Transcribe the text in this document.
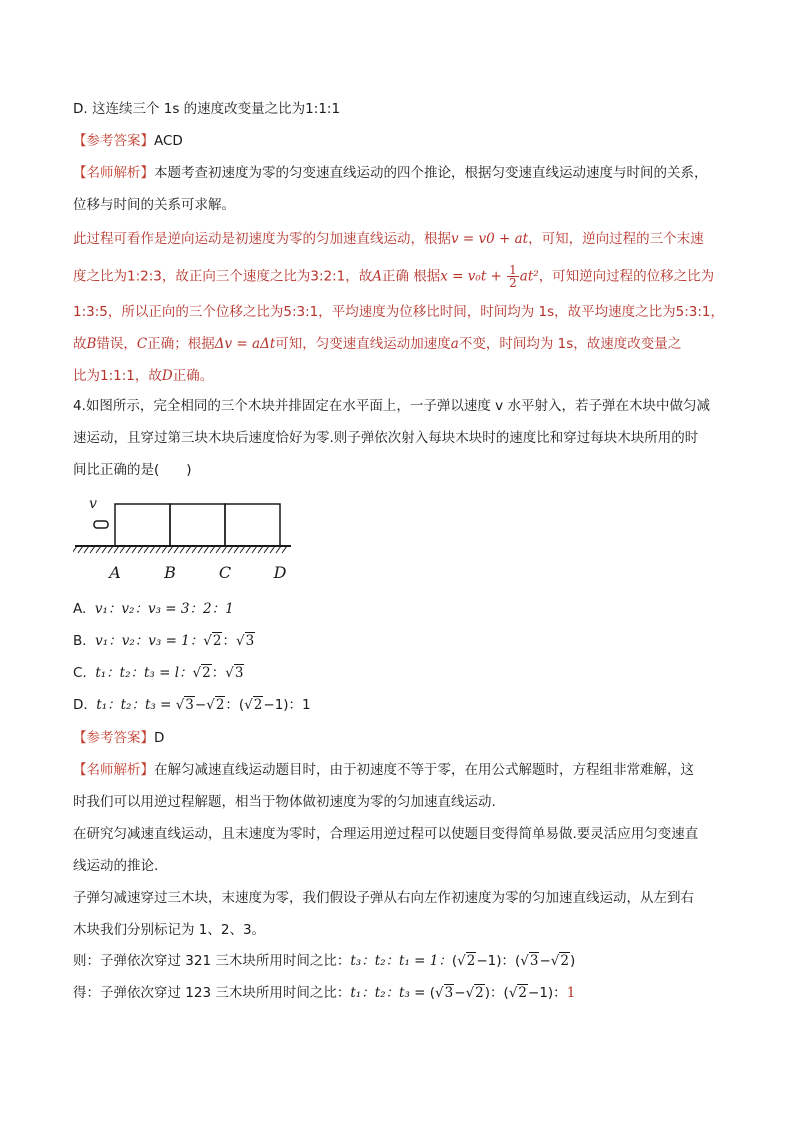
D. 这连续三个 1s 的速度改变量之比为1:1:1
【参考答案】ACD
【名师解析】本题考查初速度为零的匀变速直线运动的四个推论，根据匀变速直线运动速度与时间的关系，
位移与时间的关系可求解。
此过程可看作是逆向运动是初速度为零的匀加速直线运动，根据v = v0 + at，可知，逆向过程的三个末速
度之比为1:2:3，故正向三个速度之比为3:2:1，故A正确 根据$x = v_0t + \frac{1}{2} at^2$，可知逆向过程的位移之比为
1:3:5，所以正向的三个位移之比为5:3:1，平均速度为位移比时间，时间均为 1s，故平均速度之比为5:3:1，
故B错误，C正确；根据Δv = aΔt可知，匀变速直线运动加速度a不变，时间均为 1s，故速度改变量之
比为1:1:1，故D正确。
4.如图所示，完全相同的三个木块并排固定在水平面上，一子弹以速度 v 水平射入，若子弹在木块中做匀减
速运动，且穿过第三块木块后速度恰好为零.则子弹依次射入每块木块时的速度比和穿过每块木块所用的时
间比正确的是(　　)
v
A	B	C	D
A. v₁：v₂：v₃ = 3：2：1
B. v₁：v₂：v₃ = 1：√2：√3
C. t₁：t₂：t₃ = l：√2：√3
D. t₁：t₂：t₃ = √3−√2：(√2−1)：1
【参考答案】D
【名师解析】在解匀减速直线运动题目时，由于初速度不等于零，在用公式解题时，方程组非常难解，这
时我们可以用逆过程解题，相当于物体做初速度为零的匀加速直线运动.
在研究匀减速直线运动，且末速度为零时，合理运用逆过程可以使题目变得简单易做.要灵活应用匀变速直
线运动的推论.
子弹匀减速穿过三木块，末速度为零，我们假设子弹从右向左作初速度为零的匀加速直线运动，从左到右
木块我们分别标记为 1、2、3。
则：子弹依次穿过 321 三木块所用时间之比：t₃：t₂：t₁ = 1：(√2−1)：(√3−√2)
得：子弹依次穿过 123 三木块所用时间之比：t₁：t₂：t₃ = (√3−√2)：(√2−1)：1
